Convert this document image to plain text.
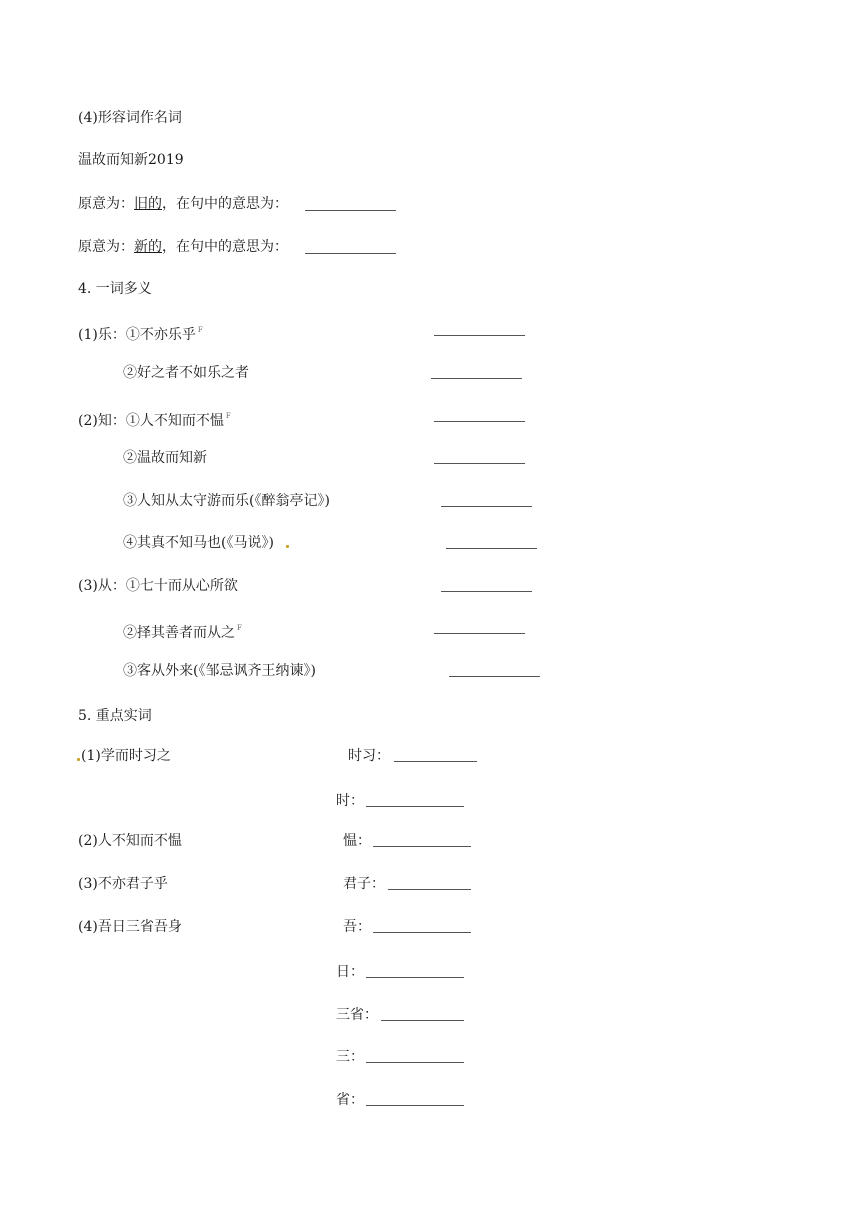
(4)形容词作名词
温故而知新2019
原意为：旧的，在句中的意思为：
原意为：新的，在句中的意思为：
4. 一词多义
(1)乐：①不亦乐乎 $^F$
②好之者不如乐之者
(2)知：①人不知而不愠 $^F$
②温故而知新
③人知从太守游而乐(《醉翁亭记》)
④其真不知马也(《马说》)
(3)从：①七十而从心所欲
②择其善者而从之 $^F$
③客从外来(《邹忌讽齐王纳谏》)
5. 重点实词
(1)学而时习之	时习：
时：
(2)人不知而不愠	愠：
(3)不亦君子乎	君子：
(4)吾日三省吾身	吾：
日：
三省：
三：
省：
